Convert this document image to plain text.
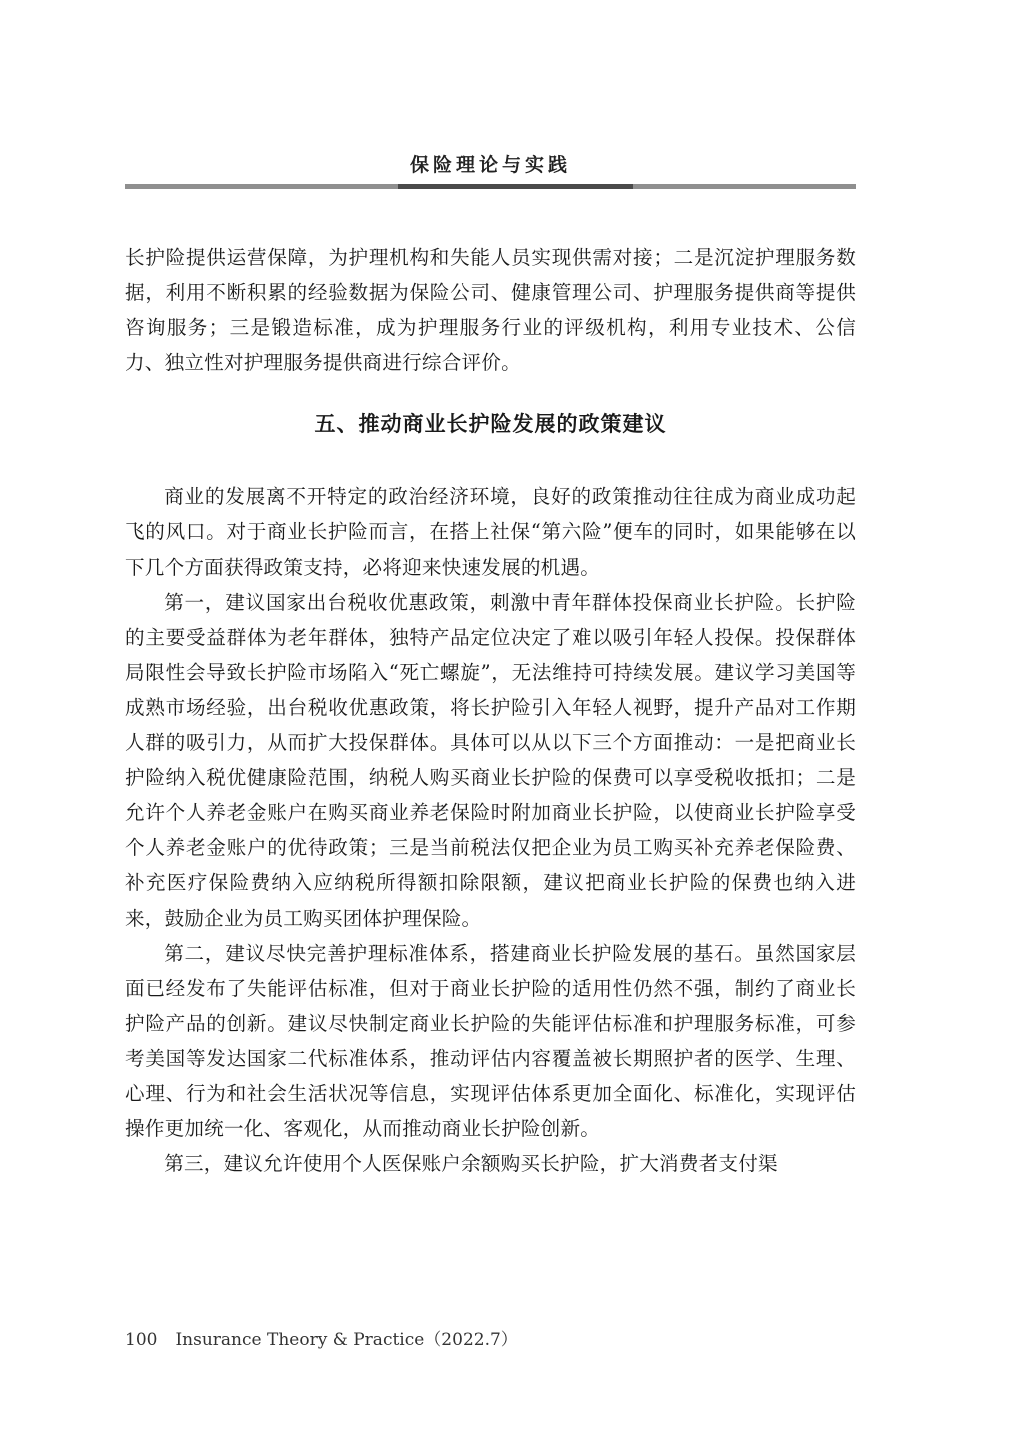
保险理论与实践

长护险提供运营保障，为护理机构和失能人员实现供需对接；二是沉淀护理服务数据，利用不断积累的经验数据为保险公司、健康管理公司、护理服务提供商等提供咨询服务；三是锻造标准，成为护理服务行业的评级机构，利用专业技术、公信力、独立性对护理服务提供商进行综合评价。

五、推动商业长护险发展的政策建议

商业的发展离不开特定的政治经济环境，良好的政策推动往往成为商业成功起飞的风口。对于商业长护险而言，在搭上社保“第六险”便车的同时，如果能够在以下几个方面获得政策支持，必将迎来快速发展的机遇。

第一，建议国家出台税收优惠政策，刺激中青年群体投保商业长护险。长护险的主要受益群体为老年群体，独特产品定位决定了难以吸引年轻人投保。投保群体局限性会导致长护险市场陷入“死亡螺旋”，无法维持可持续发展。建议学习美国等成熟市场经验，出台税收优惠政策，将长护险引入年轻人视野，提升产品对工作期人群的吸引力，从而扩大投保群体。具体可以从以下三个方面推动：一是把商业长护险纳入税优健康险范围，纳税人购买商业长护险的保费可以享受税收抵扣；二是允许个人养老金账户在购买商业养老保险时附加商业长护险，以使商业长护险享受个人养老金账户的优待政策；三是当前税法仅把企业为员工购买补充养老保险费、补充医疗保险费纳入应纳税所得额扣除限额，建议把商业长护险的保费也纳入进来，鼓励企业为员工购买团体护理保险。

第二，建议尽快完善护理标准体系，搭建商业长护险发展的基石。虽然国家层面已经发布了失能评估标准，但对于商业长护险的适用性仍然不强，制约了商业长护险产品的创新。建议尽快制定商业长护险的失能评估标准和护理服务标准，可参考美国等发达国家二代标准体系，推动评估内容覆盖被长期照护者的医学、生理、心理、行为和社会生活状况等信息，实现评估体系更加全面化、标准化，实现评估操作更加统一化、客观化，从而推动商业长护险创新。

第三，建议允许使用个人医保账户余额购买长护险，扩大消费者支付渠

100 Insurance Theory & Practice（2022.7）
